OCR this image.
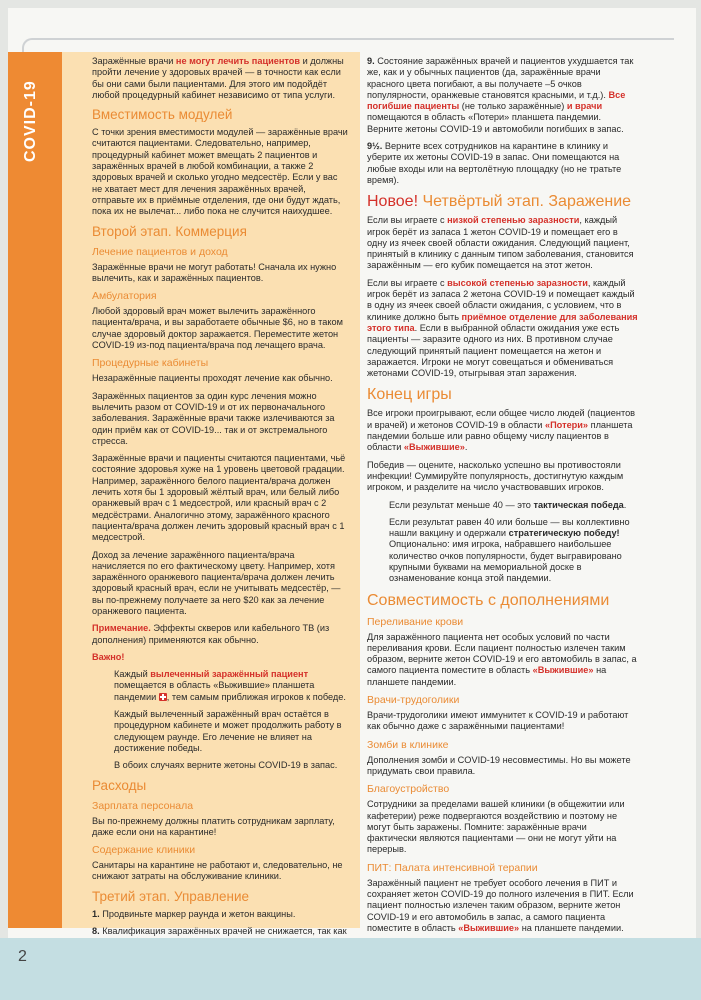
COVID-19

Заражённые врачи не могут лечить пациентов и должны пройти лечение у здоровых врачей — в точности как если бы они сами были пациентами. Для этого им подойдёт любой процедурный кабинет независимо от типа услуги.

Вместимость модулей

С точки зрения вместимости модулей — заражённые врачи считаются пациентами. Следовательно, например, процедурный кабинет может вмещать 2 пациентов и заражённых врачей в любой комбинации, а также 2 здоровых врачей и сколько угодно медсестёр. Если у вас не хватает мест для лечения заражённых врачей, отправьте их в приёмные отделения, где они будут ждать, пока их не вылечат... либо пока не случится наихудшее.

Второй этап. Коммерция
Лечение пациентов и доход

Заражённые врачи не могут работать! Сначала их нужно вылечить, как и заражённых пациентов.

Амбулатория

Любой здоровый врач может вылечить заражённого пациента/врача, и вы заработаете обычные $6, но в таком случае здоровый доктор заражается. Переместите жетон COVID-19 из-под пациента/врача под лечащего врача.

Процедурные кабинеты

Незаражённые пациенты проходят лечение как обычно.

Заражённых пациентов за один курс лечения можно вылечить разом от COVID-19 и от их первоначального заболевания. Заражённые врачи также излечиваются за один приём как от COVID-19... так и от экстремального стресса.

Заражённые врачи и пациенты считаются пациентами, чьё состояние здоровья хуже на 1 уровень цветовой градации. Например, заражённого белого пациента/врача должен лечить хотя бы 1 здоровый жёлтый врач, или белый либо оранжевый врач с 1 медсестрой, или красный врач с 2 медсёстрами. Аналогично этому, заражённого красного пациента/врача должен лечить здоровый красный врач с 1 медсестрой.

Доход за лечение заражённого пациента/врача начисляется по его фактическому цвету. Например, хотя заражённого оранжевого пациента/врача должен лечить здоровый красный врач, если не учитывать медсестёр, — вы по-прежнему получаете за него $20 как за лечение оранжевого пациента.

Примечание. Эффекты скверов или кабельного ТВ (из дополнения) применяются как обычно.

Важно!

Каждый вылеченный заражённый пациент помещается в область «Выжившие» планшета пандемии , тем самым приближая игроков к победе.

Каждый вылеченный заражённый врач остаётся в процедурном кабинете и может продолжить работу в следующем раунде. Его лечение не влияет на достижение победы.

В обоих случаях верните жетоны COVID-19 в запас.

Расходы
Зарплата персонала

Вы по-прежнему должны платить сотрудникам зарплату, даже если они на карантине!

Содержание клиники

Санитары на карантине не работают и, следовательно, не снижают затраты на обслуживание клиники.

Третий этап. Управление

1. Продвиньте маркер раунда и жетон вакцины.

8. Квалификация заражённых врачей не снижается, так как

9. Состояние заражённых врачей и пациентов ухудшается так же, как и у обычных пациентов (да, заражённые врачи красного цвета погибают, а вы получаете –5 очков популярности, оранжевые становятся красными, и т.д.). Все погибшие пациенты (не только заражённые) и врачи помещаются в область «Потери» планшета пандемии. Верните жетоны COVID-19 и автомобили погибших в запас.

9½. Верните всех сотрудников на карантине в клинику и уберите их жетоны COVID-19 в запас. Они помещаются на любые входы или на вертолётную площадку (но не тратьте время).

Новое! Четвёртый этап. Заражение

Если вы играете с низкой степенью заразности, каждый игрок берёт из запаса 1 жетон COVID-19 и помещает его в одну из ячеек своей области ожидания. Следующий пациент, принятый в клинику с данным типом заболевания, становится заражённым — его кубик помещается на этот жетон.

Если вы играете с высокой степенью заразности, каждый игрок берёт из запаса 2 жетона COVID-19 и помещает каждый в одну из ячеек своей области ожидания, с условием, что в клинике должно быть приёмное отделение для заболевания этого типа. Если в выбранной области ожидания уже есть пациенты — заразите одного из них. В противном случае следующий принятый пациент помещается на жетон и заражается. Игроки не могут совещаться и обмениваться жетонами COVID-19, отыгрывая этап заражения.

Конец игры

Все игроки проигрывают, если общее число людей (пациентов и врачей) и жетонов COVID-19 в области «Потери» планшета пандемии больше или равно общему числу пациентов в области «Выжившие».

Победив — оцените, насколько успешно вы противостояли инфекции! Суммируйте популярность, достигнутую каждым игроком, и разделите на число участвовавших игроков.

Если результат меньше 40 — это тактическая победа.

Если результат равен 40 или больше — вы коллективно нашли вакцину и одержали стратегическую победу! Опционально: имя игрока, набравшего наибольшее количество очков популярности, будет выгравировано крупными буквами на мемориальной доске в ознаменование конца этой пандемии.

Совместимость с дополнениями
Переливание крови

Для заражённого пациента нет особых условий по части переливания крови. Если пациент полностью излечен таким образом, верните жетон COVID-19 и его автомобиль в запас, а самого пациента поместите в область «Выжившие» на планшете пандемии.

Врачи-трудоголики

Врачи-трудоголики имеют иммунитет к COVID-19 и работают как обычно даже с заражёнными пациентами!

Зомби в клинике

Дополнения зомби и COVID-19 несовместимы. Но вы можете придумать свои правила.

Благоустройство

Сотрудники за пределами вашей клиники (в общежитии или кафетерии) реже подвергаются воздействию и поэтому не могут быть заражены. Помните: заражённые врачи фактически являются пациентами — они не могут уйти на перерыв.

ПИТ: Палата интенсивной терапии

Заражённый пациент не требует особого лечения в ПИТ и сохраняет жетон COVID-19 до полного излечения в ПИТ. Если пациент полностью излечен таким образом, верните жетон COVID-19 и его автомобиль в запас, а самого пациента поместите в область «Выжившие» на планшете пандемии.

2
